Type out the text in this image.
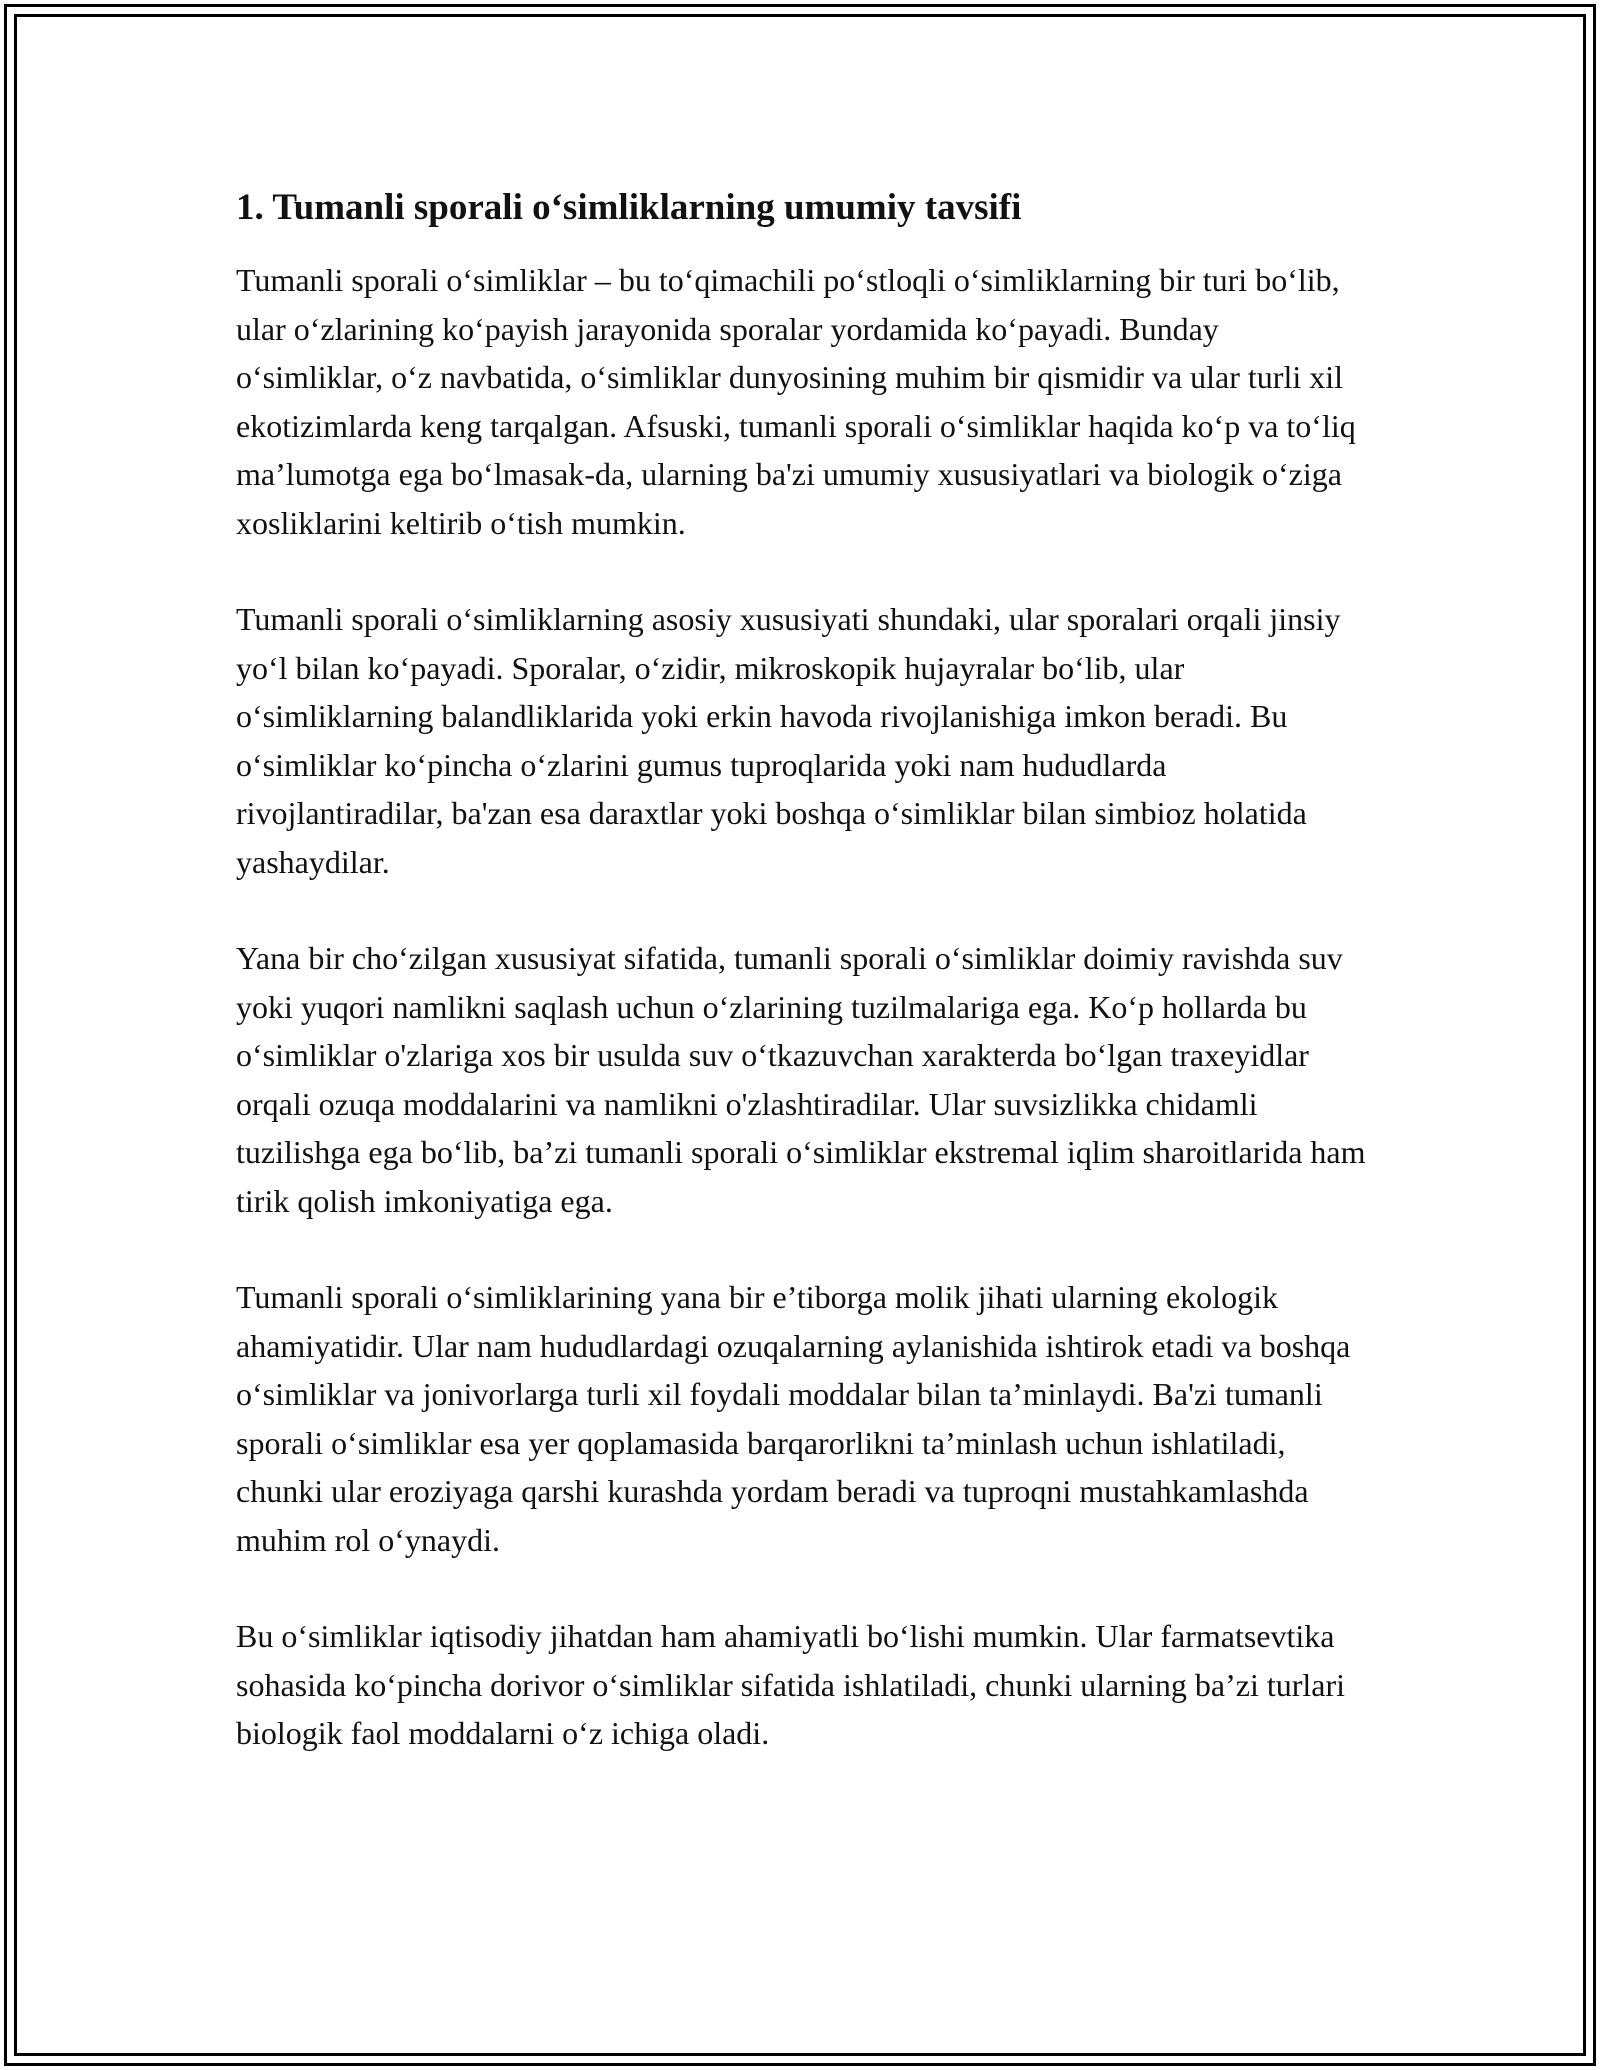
1. Tumanli sporali o‘simliklarning umumiy tavsifi

Tumanli sporali o‘simliklar – bu to‘qimachili po‘stloqli o‘simliklarning bir turi bo‘lib, ular o‘zlarining ko‘payish jarayonida sporalar yordamida ko‘payadi. Bunday o‘simliklar, o‘z navbatida, o‘simliklar dunyosining muhim bir qismidir va ular turli xil ekotizimlarda keng tarqalgan. Afsuski, tumanli sporali o‘simliklar haqida ko‘p va to‘liq ma’lumotga ega bo‘lmasak-da, ularning ba'zi umumiy xususiyatlari va biologik o‘ziga xosliklarini keltirib o‘tish mumkin.

Tumanli sporali o‘simliklarning asosiy xususiyati shundaki, ular sporalari orqali jinsiy yo‘l bilan ko‘payadi. Sporalar, o‘zidir, mikroskopik hujayralar bo‘lib, ular o‘simliklarning balandliklarida yoki erkin havoda rivojlanishiga imkon beradi. Bu o‘simliklar ko‘pincha o‘zlarini gumus tuproqlarida yoki nam hududlarda rivojlantiradilar, ba'zan esa daraxtlar yoki boshqa o‘simliklar bilan simbioz holatida yashaydilar.

Yana bir cho‘zilgan xususiyat sifatida, tumanli sporali o‘simliklar doimiy ravishda suv yoki yuqori namlikni saqlash uchun o‘zlarining tuzilmalariga ega. Ko‘p hollarda bu o‘simliklar o'zlariga xos bir usulda suv o‘tkazuvchan xarakterda bo‘lgan traxeyidlar orqali ozuqa moddalarini va namlikni o'zlashtiradilar. Ular suvsizlikka chidamli tuzilishga ega bo‘lib, ba’zi tumanli sporali o‘simliklar ekstremal iqlim sharoitlarida ham tirik qolish imkoniyatiga ega.

Tumanli sporali o‘simliklarining yana bir e’tiborga molik jihati ularning ekologik ahamiyatidir. Ular nam hududlardagi ozuqalarning aylanishida ishtirok etadi va boshqa o‘simliklar va jonivorlarga turli xil foydali moddalar bilan ta’minlaydi. Ba'zi tumanli sporali o‘simliklar esa yer qoplamasida barqarorlikni ta’minlash uchun ishlatiladi, chunki ular eroziyaga qarshi kurashda yordam beradi va tuproqni mustahkamlashda muhim rol o‘ynaydi.

Bu o‘simliklar iqtisodiy jihatdan ham ahamiyatli bo‘lishi mumkin. Ular farmatsevtika sohasida ko‘pincha dorivor o‘simliklar sifatida ishlatiladi, chunki ularning ba’zi turlari biologik faol moddalarni o‘z ichiga oladi.
